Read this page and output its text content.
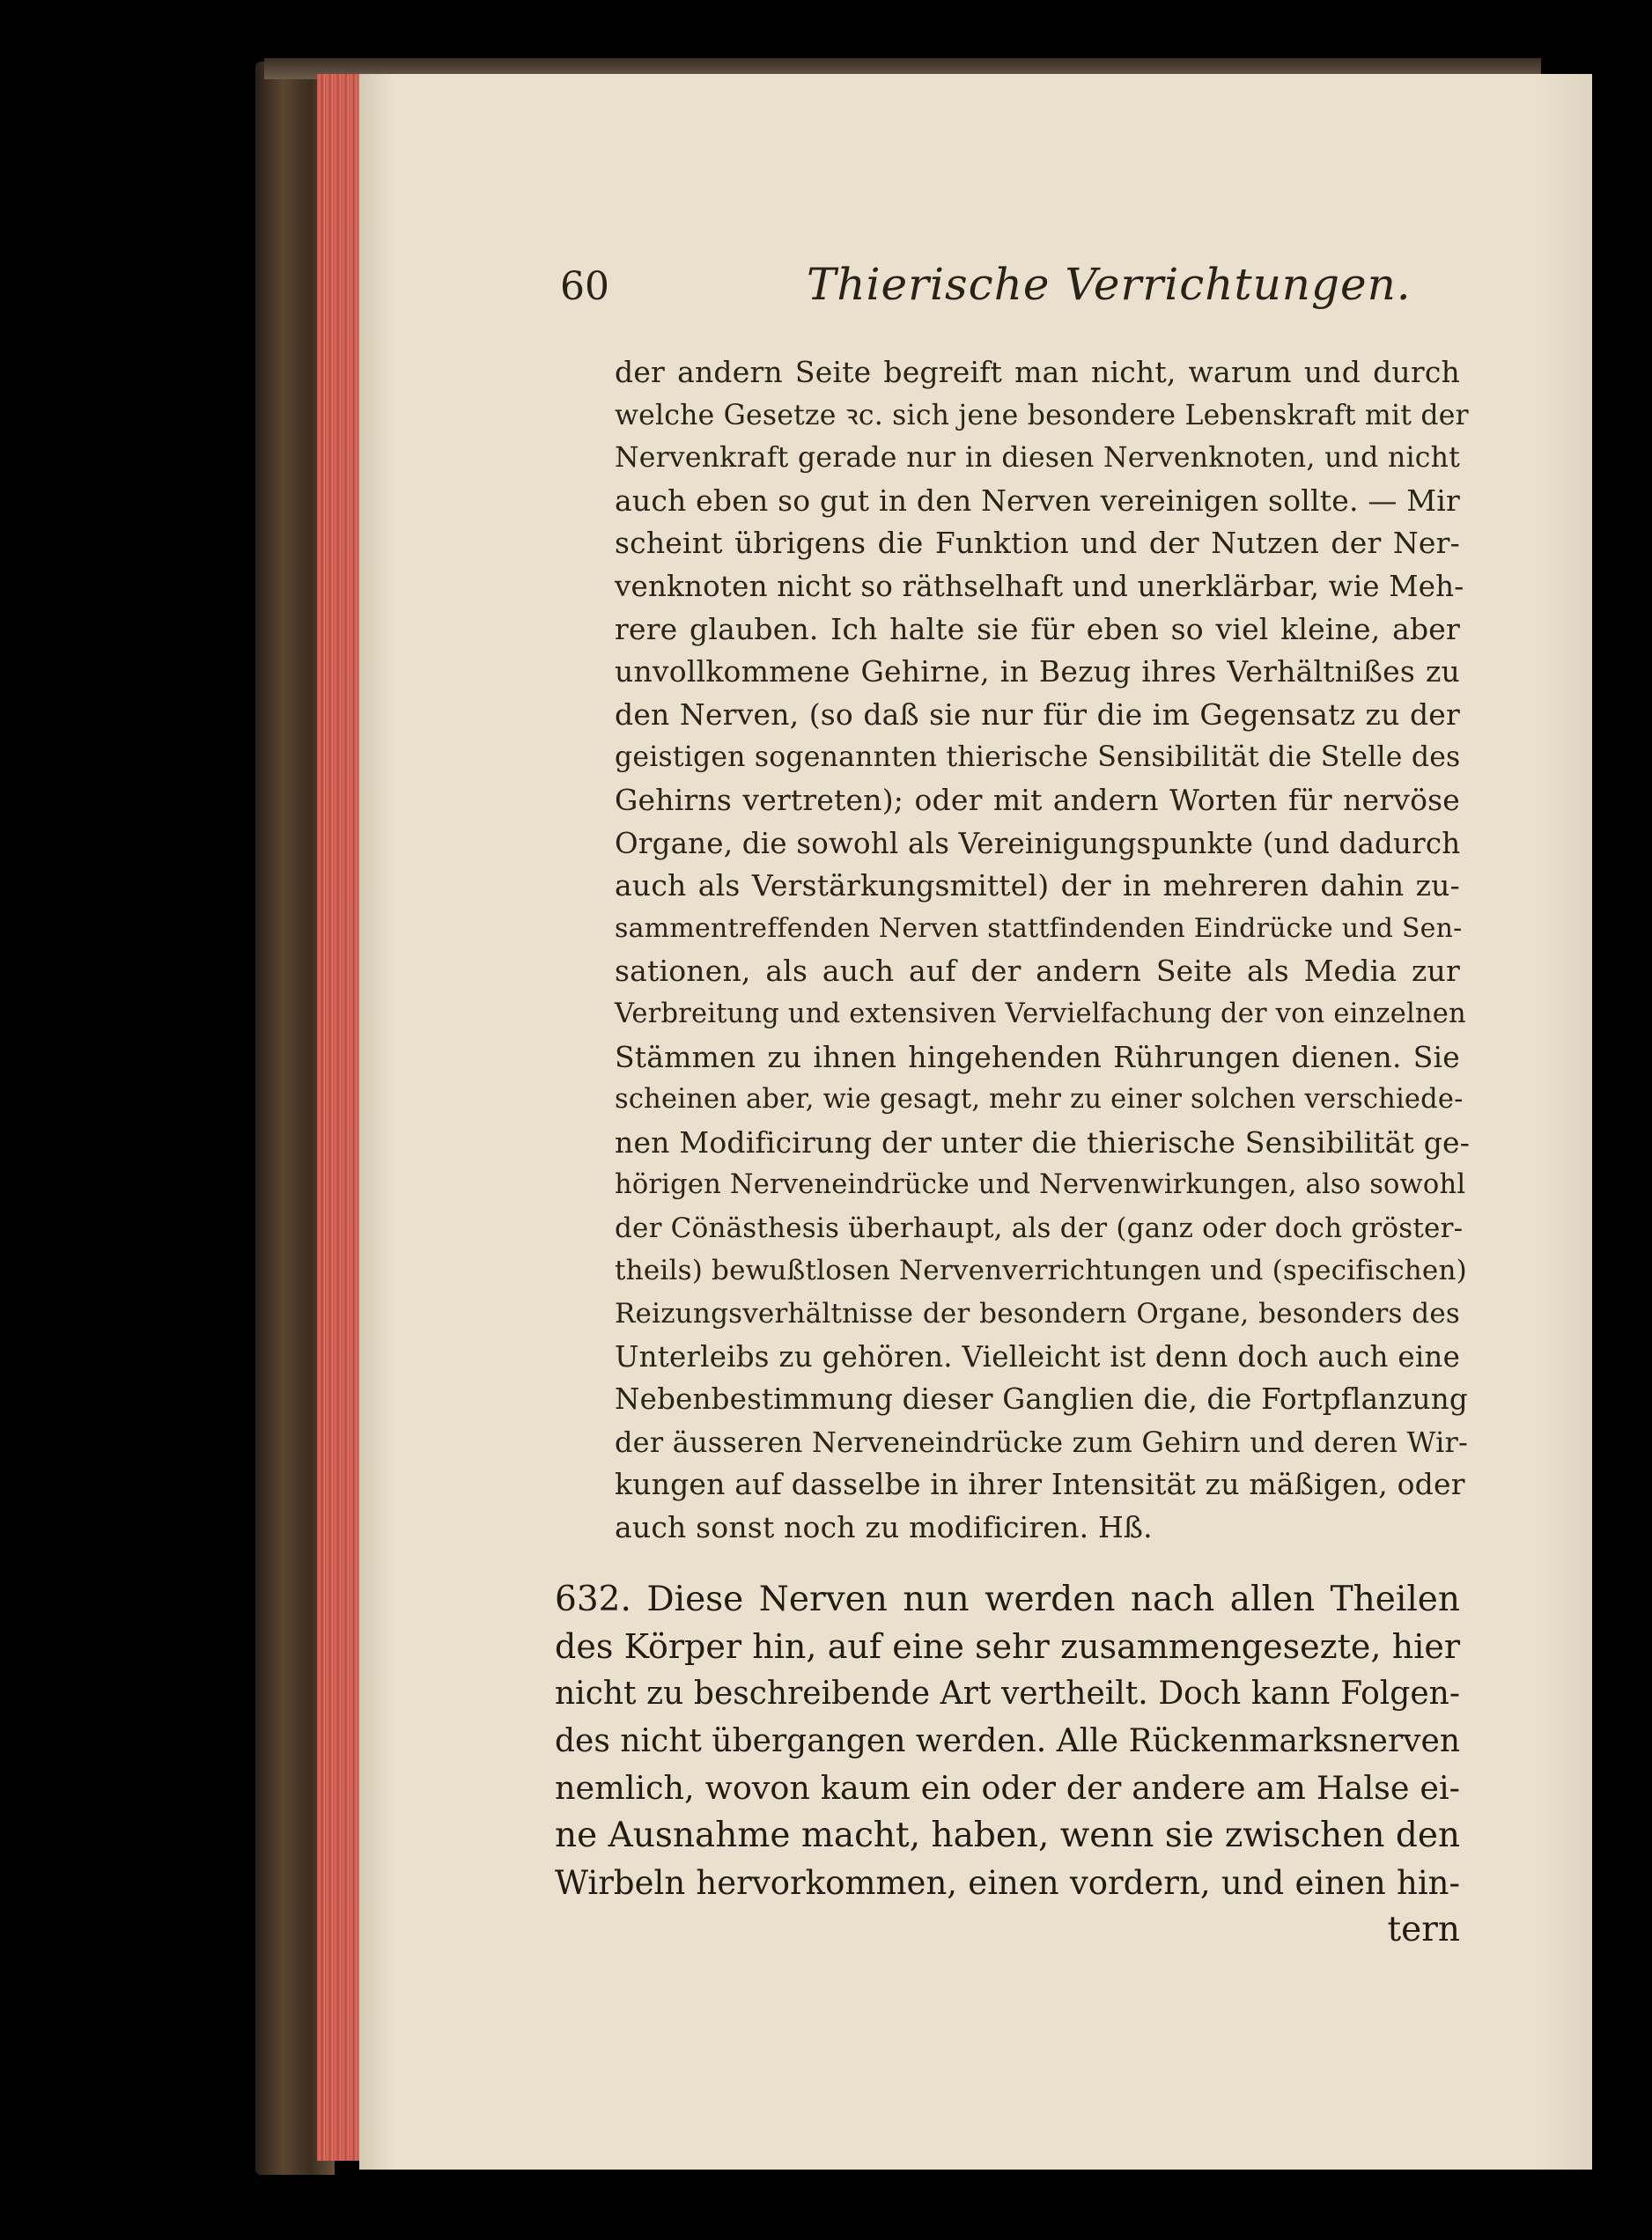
60	Thierische Verrichtungen.
der andern Seite begreift man nicht, warum und durch
welche Gesetze ꝛc. sich jene besondere Lebenskraft mit der
Nervenkraft gerade nur in diesen Nervenknoten, und nicht
auch eben so gut in den Nerven vereinigen sollte. — Mir
scheint übrigens die Funktion und der Nutzen der Ner-
venknoten nicht so räthselhaft und unerklärbar, wie Meh-
rere glauben. Ich halte sie für eben so viel kleine, aber
unvollkommene Gehirne, in Bezug ihres Verhältnißes zu
den Nerven, (so daß sie nur für die im Gegensatz zu der
geistigen sogenannten thierische Sensibilität die Stelle des
Gehirns vertreten); oder mit andern Worten für nervöse
Organe, die sowohl als Vereinigungspunkte (und dadurch
auch als Verstärkungsmittel) der in mehreren dahin zu-
sammentreffenden Nerven stattfindenden Eindrücke und Sen-
sationen, als auch auf der andern Seite als Media zur
Verbreitung und extensiven Vervielfachung der von einzelnen
Stämmen zu ihnen hingehenden Rührungen dienen. Sie
scheinen aber, wie gesagt, mehr zu einer solchen verschiede-
nen Modificirung der unter die thierische Sensibilität ge-
hörigen Nerveneindrücke und Nervenwirkungen, also sowohl
der Cönästhesis überhaupt, als der (ganz oder doch gröster-
theils) bewußtlosen Nervenverrichtungen und (specifischen)
Reizungsverhältnisse der besondern Organe, besonders des
Unterleibs zu gehören. Vielleicht ist denn doch auch eine
Nebenbestimmung dieser Ganglien die, die Fortpflanzung
der äusseren Nerveneindrücke zum Gehirn und deren Wir-
kungen auf dasselbe in ihrer Intensität zu mäßigen, oder
auch sonst noch zu modificiren. Hß.
632. Diese Nerven nun werden nach allen Theilen
des Körper hin, auf eine sehr zusammengesezte, hier
nicht zu beschreibende Art vertheilt. Doch kann Folgen-
des nicht übergangen werden. Alle Rückenmarksnerven
nemlich, wovon kaum ein oder der andere am Halse ei-
ne Ausnahme macht, haben, wenn sie zwischen den
Wirbeln hervorkommen, einen vordern, und einen hin-
tern
